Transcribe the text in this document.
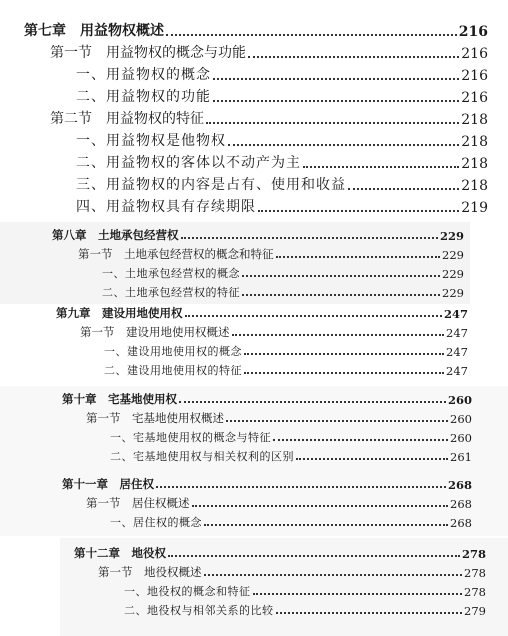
第七章　用益物权概述	216
第一节　用益物权的概念与功能	216
一、用益物权的概念	216
二、用益物权的功能	216
第二节　用益物权的特征	218
一、用益物权是他物权	218
二、用益物权的客体以不动产为主	218
三、用益物权的内容是占有、使用和收益	218
四、用益物权具有存续期限	219
第八章　土地承包经营权	229
第一节　土地承包经营权的概念和特征	229
一、土地承包经营权的概念	229
二、土地承包经营权的特征	229
第九章　建设用地使用权	247
第一节　建设用地使用权概述	247
一、建设用地使用权的概念	247
二、建设用地使用权的特征	247
第十章　宅基地使用权	260
第一节　宅基地使用权概述	260
一、宅基地使用权的概念与特征	260
二、宅基地使用权与相关权利的区别	261
第十一章　居住权	268
第一节　居住权概述	268
一、居住权的概念	268
第十二章　地役权	278
第一节　地役权概述	278
一、地役权的概念和特征	278
二、地役权与相邻关系的比较	279
